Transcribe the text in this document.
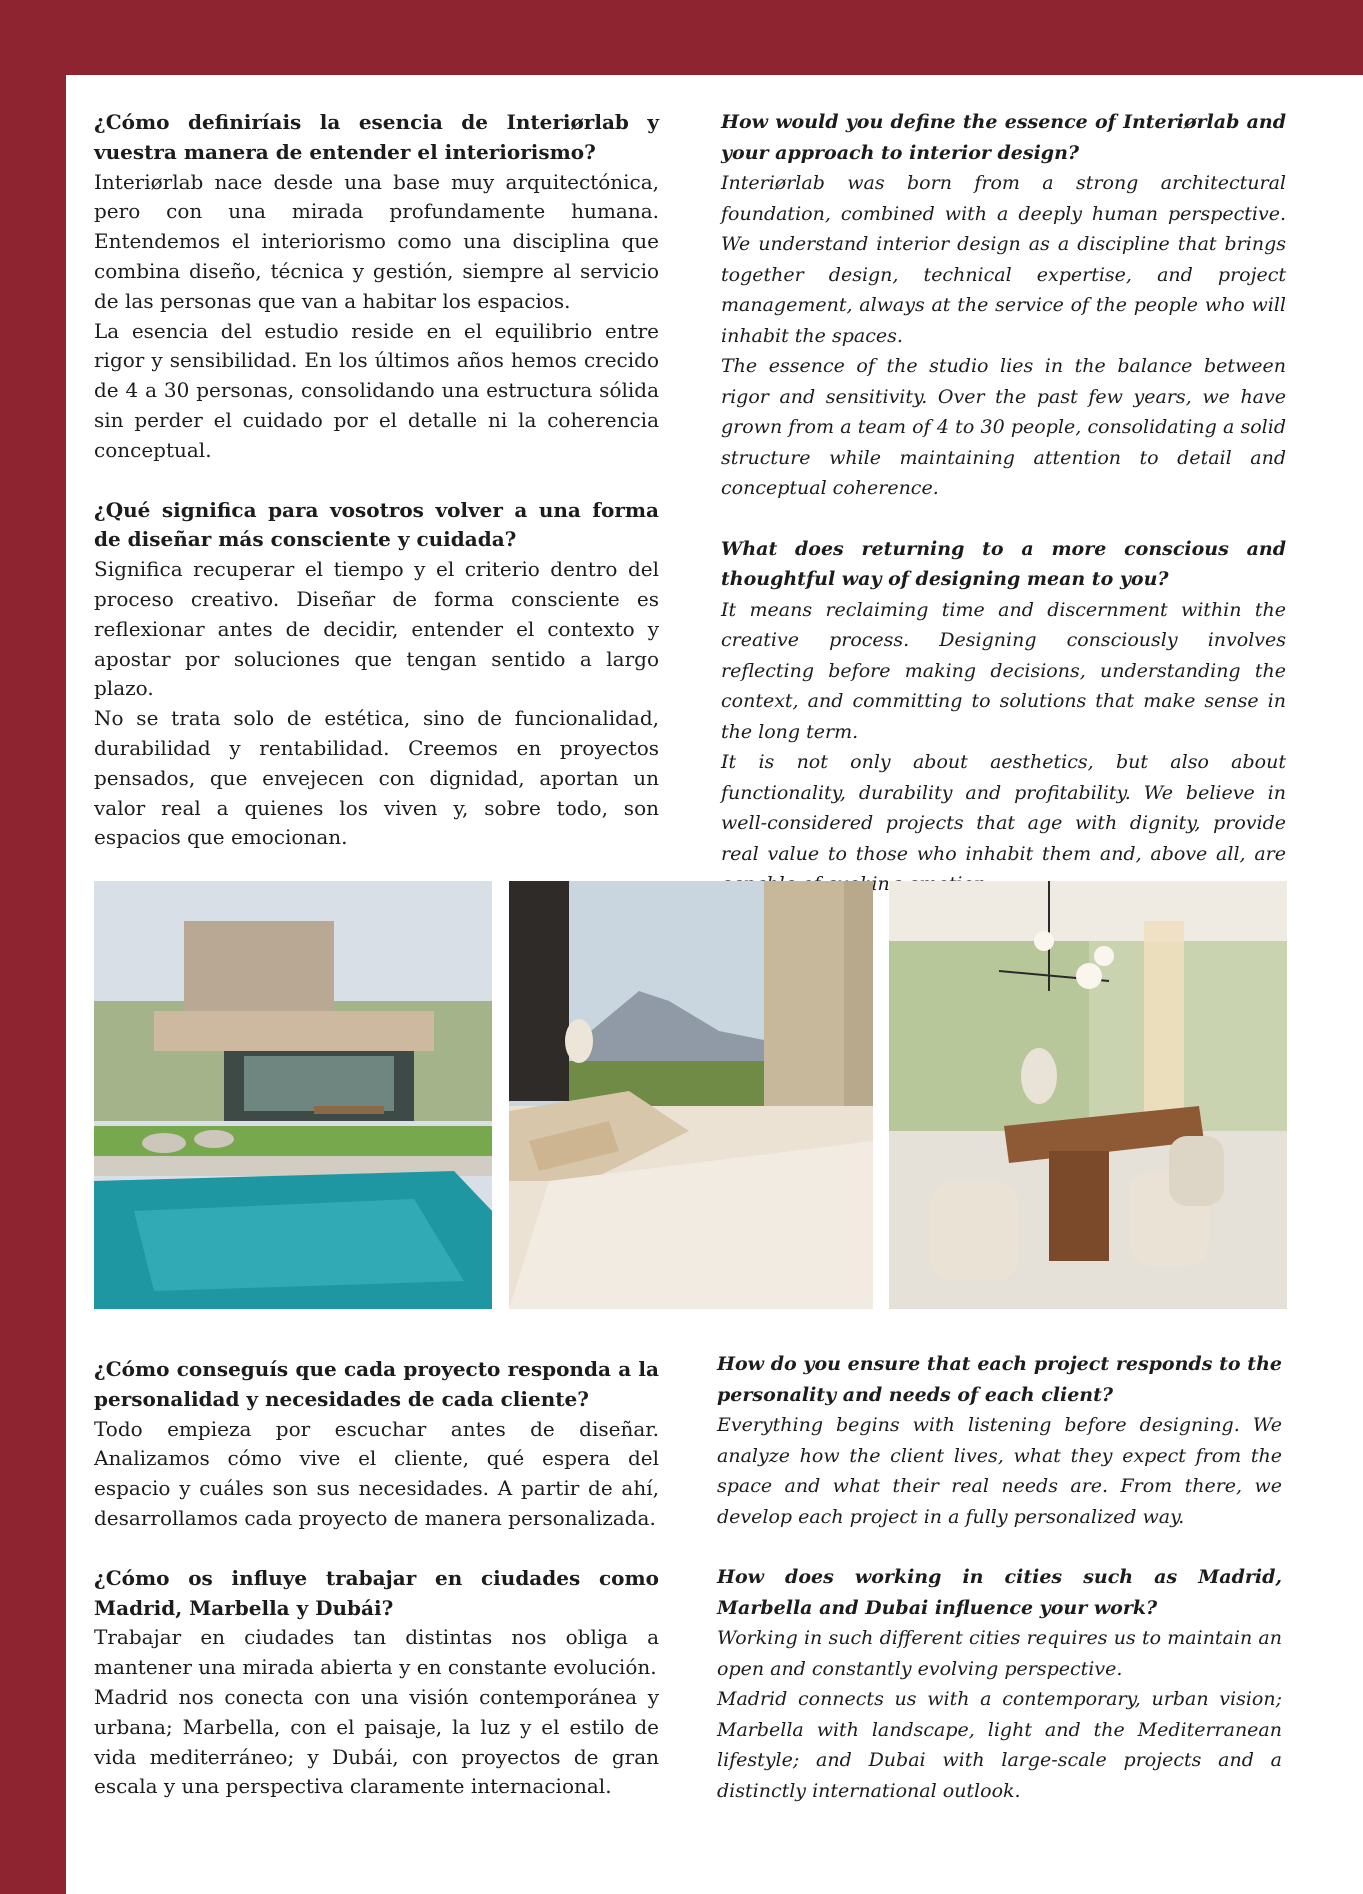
¿Cómo definiríais la esencia de Interiørlab y vuestra manera de entender el interiorismo?

Interiørlab nace desde una base muy arquitectónica, pero con una mirada profundamente humana. Entendemos el interiorismo como una disciplina que combina diseño, técnica y gestión, siempre al servicio de las personas que van a habitar los espacios.

La esencia del estudio reside en el equilibrio entre rigor y sensibilidad. En los últimos años hemos crecido de 4 a 30 personas, consolidando una estructura sólida sin perder el cuidado por el detalle ni la coherencia conceptual.

¿Qué significa para vosotros volver a una forma de diseñar más consciente y cuidada?

Significa recuperar el tiempo y el criterio dentro del proceso creativo. Diseñar de forma consciente es reflexionar antes de decidir, entender el contexto y apostar por soluciones que tengan sentido a largo plazo.

No se trata solo de estética, sino de funcionalidad, durabilidad y rentabilidad. Creemos en proyectos pensados, que envejecen con dignidad, aportan un valor real a quienes los viven y, sobre todo, son espacios que emocionan.

How would you define the essence of Interiørlab and your approach to interior design?

Interiørlab was born from a strong architectural foundation, combined with a deeply human perspective. We understand interior design as a discipline that brings together design, technical expertise, and project management, always at the service of the people who will inhabit the spaces.

The essence of the studio lies in the balance between rigor and sensitivity. Over the past few years, we have grown from a team of 4 to 30 people, consolidating a solid structure while maintaining attention to detail and conceptual coherence.

What does returning to a more conscious and thoughtful way of designing mean to you?

It means reclaiming time and discernment within the creative process. Designing consciously involves reflecting before making decisions, understanding the context, and committing to solutions that make sense in the long term.

It is not only about aesthetics, but also about functionality, durability and profitability. We believe in well-considered projects that age with dignity, provide real value to those who inhabit them and, above all, are

¿Cómo conseguís que cada proyecto responda a la personalidad y necesidades de cada cliente?

Todo empieza por escuchar antes de diseñar. Analizamos cómo vive el cliente, qué espera del espacio y cuáles son sus necesidades. A partir de ahí, desarrollamos cada proyecto de manera personalizada.

¿Cómo os influye trabajar en ciudades como Madrid, Marbella y Dubái?

Trabajar en ciudades tan distintas nos obliga a mantener una mirada abierta y en constante evolución.

Madrid nos conecta con una visión contemporánea y urbana; Marbella, con el paisaje, la luz y el estilo de vida mediterráneo; y Dubái, con proyectos de gran escala y una perspectiva claramente internacional.

How do you ensure that each project responds to the personality and needs of each client?

Everything begins with listening before designing. We analyze how the client lives, what they expect from the space and what their real needs are. From there, we develop each project in a fully personalized way.

How does working in cities such as Madrid, Marbella and Dubai influence your work?

Working in such different cities requires us to maintain an open and constantly evolving perspective.

Madrid connects us with a contemporary, urban vision; Marbella with landscape, light and the Mediterranean lifestyle; and Dubai with large-scale projects and a distinctly international outlook.
